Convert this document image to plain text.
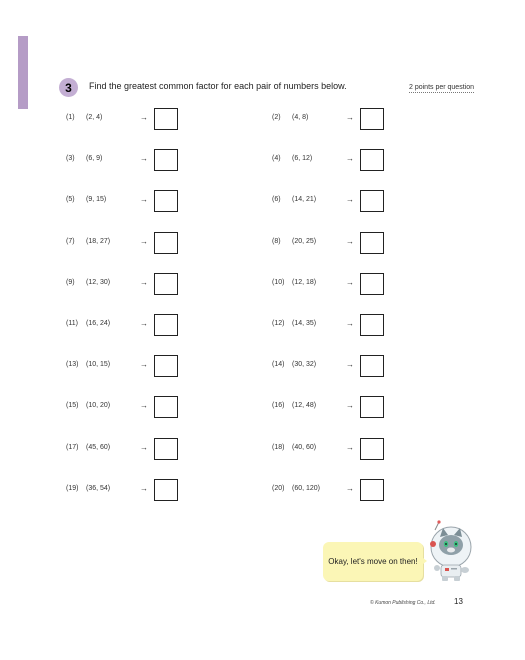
3	Find the greatest common factor for each pair of numbers below.	2 points per question
(1) (2, 4)	→	(2) (4, 8)	→
(3) (6, 9)	→	(4) (6, 12)	→
(5) (9, 15)	→	(6) (14, 21)	→
(7) (18, 27)	→	(8) (20, 25)	→
(9) (12, 30)	→	(10) (12, 18)	→
(11) (16, 24)	→	(12) (14, 35)	→
(13) (10, 15)	→	(14) (30, 32)	→
(15) (10, 20)	→	(16) (12, 48)	→
(17) (45, 60)	→	(18) (40, 60)	→
(19) (36, 54)	→	(20) (60, 120)	→
Okay, let's move on then!
© Kumon Publishing Co., Ltd. 13
